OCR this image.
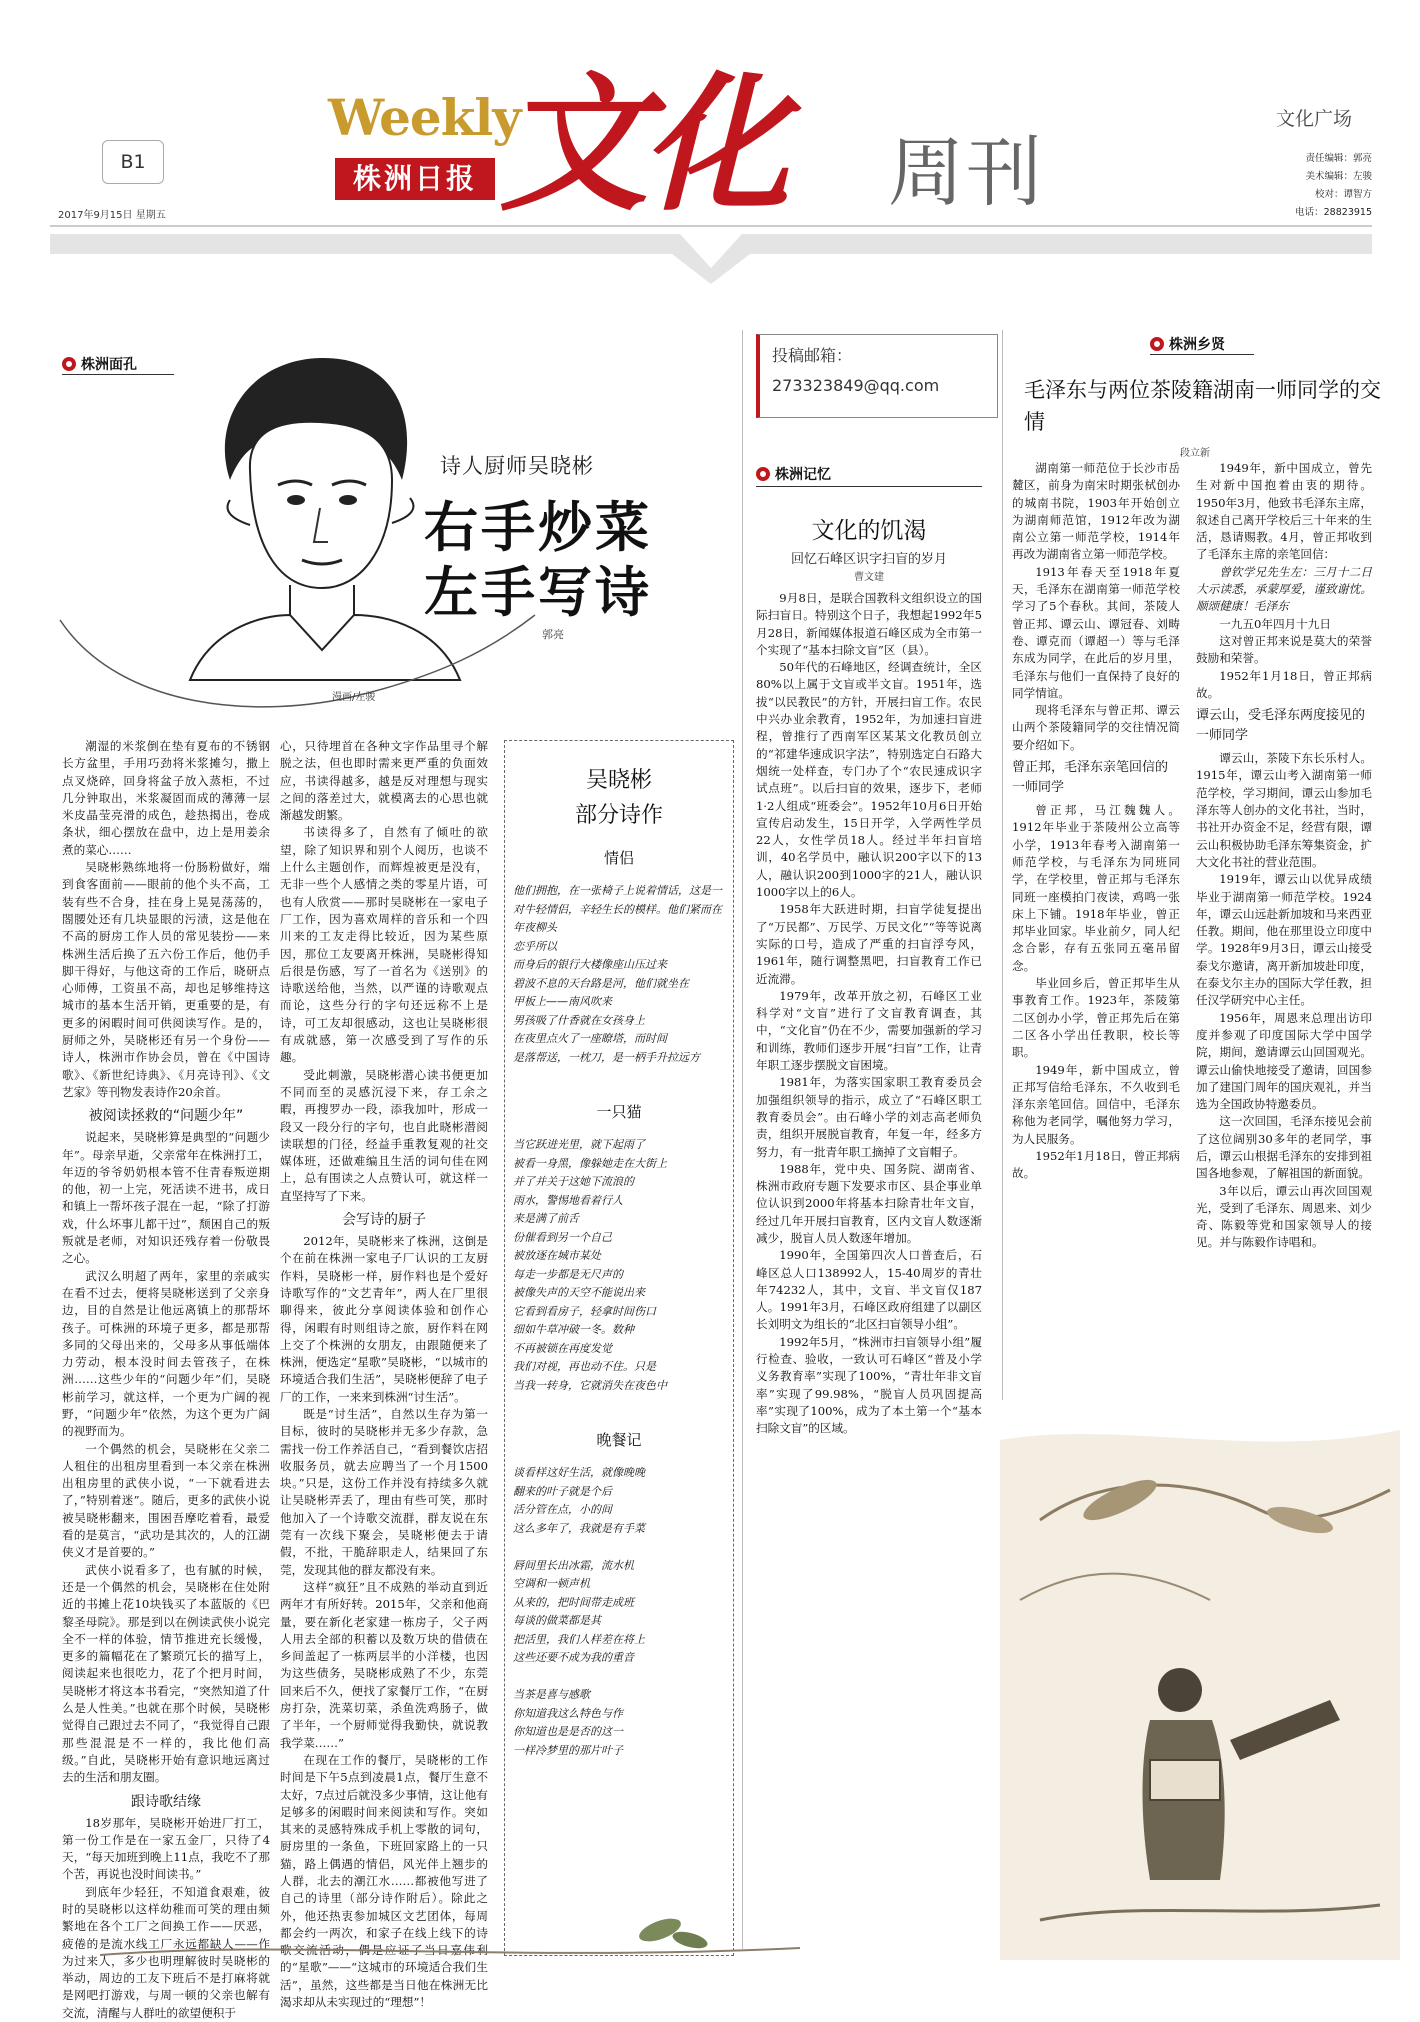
Weekly
株洲日报 文化 周刊
文化广场
B1
2017年9月15日 星期五
责任编辑：郭亮
美术编辑：左骏
校对：谭智方
电话：28823915
株洲面孔
漫画/左骏
诗人厨师吴晓彬
右手炒菜
左手写诗
郭亮

潮湿的米浆倒在垫有夏布的不锈钢长方盆里，手用巧劲将米浆摊匀，撒上点叉烧碎，回身将盆子放入蒸柜，不过几分钟取出，米浆凝固而成的薄薄一层米皮晶莹亮滑的成色，趁热揭出，卷成条状，细心摆放在盘中，边上是用姜余煮的菜心……

吴晓彬熟练地将一份肠粉做好，端到食客面前——眼前的他个头不高，工装有些不合身，挂在身上晃晃荡荡的，閤腰处还有几块显眼的污渍，这是他在不高的厨房工作人员的常见装扮——来株洲生活后换了五六份工作后，他仍手脚干得好，与他这奇的工作后，晓研点心师傅，工资虽不高，却也足够维持这城市的基本生活开销，更重要的是，有更多的闲暇时间可供阅读写作。是的，厨师之外，吴晓彬还有另一个身份——诗人，株洲市作协会员，曾在《中国诗歌》、《新世纪诗典》、《月亮诗刊》、《文艺家》等刊物发表诗作20余首。

被阅读拯救的“问题少年”

说起来，吴晓彬算是典型的“问题少年”。母亲早逝，父亲常年在株洲打工，年迈的爷爷奶奶根本管不住青春叛逆期的他，初一上完，死活读不进书，成日和镇上一帮坏孩子混在一起，“除了打游戏，什么坏事儿都干过”，颓困自己的叛叛就是老师，对知识还残存着一份敬畏之心。

武汉么明超了两年，家里的亲戚实在看不过去，便将吴晓彬送到了父亲身边，目的自然是让他远离镇上的那帮坏孩子。可株洲的环境子更多，都是那帮多同的父母出来的，父母多从事低端体力劳动，根本没时间去管孩子，在株洲……这些少年的“问题少年”们，吴晓彬前学习，就这样，一个更为广阔的视野，“问题少年”依然，为这个更为广阔的视野而为。

一个偶然的机会，吴晓彬在父亲二人租住的出租房里看到一本父亲在株洲出租房里的武侠小说，“一下就看进去了，”特别着迷”。随后，更多的武侠小说被吴晓彬翻来，围困吾摩吃着看，最爱看的是莫言，“武功是其次的，人的江湖侠义才是首要的。”

武侠小说看多了，也有腻的时候，还是一个偶然的机会，吴晓彬在住处附近的书摊上花10块钱买了本蓝版的《巴黎圣母院》。那是到以在例读武侠小说完全不一样的体验，情节推进充长缓慢，更多的篇幅花在了繁琐冗长的描写上，阅读起来也很吃力，花了个把月时间，吴晓彬才将这本书看完，“突然知道了什么是人性美。”也就在那个时候，吴晓彬觉得自己跟过去不同了，“我觉得自己跟那些混混是不一样的，我比他们高级。”自此，吴晓彬开始有意识地远离过去的生活和朋友圈。

跟诗歌结缘

18岁那年，吴晓彬开始进厂打工，第一份工作是在一家五金厂，只待了4天，“每天加班到晚上11点，我吃不了那个苦，再说也没时间读书。”

到底年少轻狂，不知道食艰难，彼时的吴晓彬以这样幼稚而可笑的理由频繁地在各个工厂之间换工作——厌恶，疲倦的是流水线工厂永远都缺人——作为过来人，多少也明理解彼时吴晓彬的举动，周边的工友下班后不是打麻将就是网吧打游戏，与周一顿的父亲也解有交流，清醒与人群吐的欲望便积于

心，只待埋首在各种文字作品里寻个解脱之法，但也即时需来更严重的负面效应，书读得越多，越是反对理想与现实之间的落差过大，就模离去的心思也就渐越发朗繁。

书读得多了，自然有了倾吐的欲望，除了知识界和别个人阅历，也谈不上什么主题创作，而辉煌被更是没有，无非一些个人感情之类的零星片语，可也有人欣赏——那时吴晓彬在一家电子厂工作，因为喜欢周样的音乐和一个四川来的工友走得比较近，因为某些原因，那位工友要离开株洲，吴晓彬得知后很是伤感，写了一首名为《送别》的诗歌送给他，当然，以严谨的诗歌观点而论，这些分行的字句还远称不上是诗，可工友却很感动，这也让吴晓彬很有成就感，第一次感受到了写作的乐趣。

受此刺激，吴晓彬潜心读书便更加不同而至的灵感沉浸下来，存工余之暇，再搜罗办一段，添我加叶，形成一段又一段分行的字句，也自此晓彬潜阅读联想的门径，经益手重教复观的社交媒体班，还做难编且生活的词句佳在网上，总有围读之人点赞认可，就这样一直坚持写了下来。

会写诗的厨子

2012年，吴晓彬来了株洲，这倒是个在前在株洲一家电子厂认识的工友厨作料，吴晓彬一样，厨作料也是个爱好诗歌写作的“文艺青年”，两人在厂里很聊得来，彼此分享阅读体验和创作心得，闲暇有时则组诗之旅，厨作料在网上交了个株洲的女朋友，由跟随便来了株洲，便选定“星歌”吴晓彬，“以城市的环境适合我们生活”，吴晓彬便辞了电子厂的工作，一来来到株洲“讨生活”。

既是“讨生活”，自然以生存为第一目标，彼时的吴晓彬并无多少存款，急需找一份工作养活自己，“看到餐饮店招收服务员，就去应聘当了一个月1500块。”只是，这份工作并没有持续多久就让吴晓彬弄丢了，理由有些可笑，那时他加入了一个诗歌交流群，群友说在东莞有一次线下聚会，吴晓彬便去于请假，不批，干脆辞职走人，结果回了东莞，发现其他的群友都没有来。

这样“疯狂”且不成熟的举动直到近两年才有所好转。2015年，父亲和他商量，要在新化老家建一栋房子，父子两人用去全部的积蓄以及数万块的借债在乡间盖起了一栋两层半的小洋楼，也因为这些债务，吴晓彬成熟了不少，东莞回来后不久，便找了家餐厅工作，“在厨房打杂，洗菜切菜，杀鱼洗鸡肠子，做了半年，一个厨师觉得我勤快，就说教我学菜……”

在现在工作的餐厅，吴晓彬的工作时间是下午5点到凌晨1点，餐厅生意不太好，7点过后就没多少事情，这让他有足够多的闲暇时间来阅读和写作。突如其来的灵感特殊成手机上零散的词句，厨房里的一条鱼，下班回家路上的一只猫，路上偶遇的情侣，风光伴上翘步的人群，北去的潮江水……都被他写进了自己的诗里（部分诗作附后）。除此之外，他还热衷参加城区文艺团体，每周都会约一两次，和家子在线上线下的诗歌交流活动，偶是应证了当日嘉伟利的“星歌”——“这城市的环境适合我们生活”，虽然，这些都是当日他在株洲无比渴求却从未实现过的“理想”！

吴晓彬
部分诗作
情侣
他们拥抱，在一张椅子上说着情话，这是一对牛轻情侣，辛轻生长的模样。他们紧而在年夜柳头
恋乎所以
而身后的银行大楼像座山压过来
碧波不息的天台路是河，他们就坐在
甲板上——南风吹来
男孩吸了什香就在女孩身上
在夜里点火了一座瞭塔，而时间
是落帮送，一枕刀，是一柄手升拉远方
一只猫
当它跃进光里，就下起雨了
被看一身黑，像躲她走在大街上
并了并关于这她下流浪的
雨水，警惕地看着行人
来是满了前舌
份催看到另一个自己
被放逐在城市某处
每走一步都是无尺声的
被像失声的天空不能说出来
它看到看房子，轻拿时间伤口
细如牛草冲破一冬。数种
不再被锁在再度发觉
我们对视，再也动不住。只是
当我一转身，它就消失在夜色中
晚餐记
谈看样这好生活，就像晚晚
翻来的叶子就是个后
活分管在点，小的间
这么多年了，我就是有手菜

唇间里长出冰霜，流水机
空调和一顿声机
从来的，把时间带走成班
每谈的做菜都是其
把活里，我们人样差在将上
这些还要不成为我的重音

当茶是喜与感歌
你知道我这么特色与作
你知道也是是否的这一
一样冷梦里的那片叶子
投稿邮箱：
273323849@qq.com
株洲记忆
文化的饥渴
回忆石峰区识字扫盲的岁月
曹文建

9月8日，是联合国教科文组织设立的国际扫盲日。特别这个日子，我想起1992年5月28日，新闻媒体报道石峰区成为全市第一个实现了“基本扫除文盲”区（县）。

50年代的石峰地区，经调查统计，全区80%以上属于文盲或半文盲。1951年，选拔“以民教民”的方针，开展扫盲工作。农民中兴办业余教育，1952年，为加速扫盲进程，曾推行了西南军区某某文化教员创立的“祁建华速成识字法”，特别选定白石路大烟统一处样查，专门办了个“农民速成识字试点班”。以后扫盲的效果，逐步下，老师1·2人组成“班委会”。1952年10月6日开始宣传启动发生，15日开学，入学两性学员22人，女性学员18人。经过半年扫盲培训，40名学员中，融认识200字以下的13人，融认识200到1000字的21人，融认识1000字以上的6人。

1958年大跃进时期，扫盲学徒复提出了“万民都”、万民学、万民文化”“等等说离实际的口号，造成了严重的扫盲浮夸风，1961年，随行调整黑吧，扫盲教育工作已近流滞。

1979年，改革开放之初，石峰区工业科学对“文盲”进行了文盲教育调查，其中，“文化盲”仍在不少，需要加强新的学习和训练，教师们逐步开展“扫盲”工作，让青年职工逐步摆脱文盲困境。

1981年，为落实国家职工教育委员会加强组织领导的指示，成立了“石峰区职工教育委员会”。由石峰小学的刘志高老师负责，组织开展脱盲教育，年复一年，经多方努力，有一批青年职工摘掉了文盲帽子。

1988年，党中央、国务院、湖南省、株洲市政府专题下发要求市区、县企事业单位认识到2000年将基本扫除青壮年文盲，经过几年开展扫盲教育，区内文盲人数逐渐减少，脱盲人员人数逐年增加。

1990年，全国第四次人口普查后，石峰区总人口138992人，15-40周岁的青壮年74232人，其中，文盲、半文盲仅187人。1991年3月，石峰区政府组建了以副区长刘明文为组长的“北区扫盲领导小组”。

1992年5月，“株洲市扫盲领导小组”履行检查、验收，一致认可石峰区“普及小学义务教育率”实现了100%，“青壮年非文盲率”实现了99.98%，“脱盲人员巩固提高率”实现了100%，成为了本土第一个“基本扫除文盲”的区域。

株洲乡贤
毛泽东与两位茶陵籍湖南一师同学的交情
段立新

湖南第一师范位于长沙市岳麓区，前身为南宋时期张栻创办的城南书院，1903年开始创立为湖南师范馆，1912年改为湖南公立第一师范学校，1914年再改为湖南省立第一师范学校。

1913年春天至1918年夏天，毛泽东在湖南第一师范学校学习了5个春秋。其间，茶陵人曾正邦、谭云山、谭冠春、刘畴卷、谭克而（谭超一）等与毛泽东成为同学，在此后的岁月里，毛泽东与他们一直保持了良好的同学情谊。

现将毛泽东与曾正邦、谭云山两个茶陵籍同学的交往情况简要介绍如下。

曾正邦，毛泽东亲笔回信的一师同学

曾正邦，马江魏魏人。1912年毕业于茶陵州公立高等小学，1913年春考入湖南第一师范学校，与毛泽东为同班同学，在学校里，曾正邦与毛泽东同班一座模拍门夜读，鸡鸣一张床上下铺。1918年毕业，曾正邦毕业回家。毕业前夕，同人纪念合影，存有五张同五毫吊留念。

毕业回乡后，曾正邦毕生从事教育工作。1923年，茶陵第二区创办小学，曾正邦先后在第二区各小学出任教职，校长等职。

1949年，新中国成立，曾正邦写信给毛泽东，不久收到毛泽东亲笔回信。回信中，毛泽东称他为老同学，嘱他努力学习，为人民服务。

1952年1月18日，曾正邦病故。

1949年，新中国成立，曾先生对新中国抱着由衷的期待。1950年3月，他致书毛泽东主席，叙述自己离开学校后三十年来的生活，恳请赐教。4月，曾正邦收到了毛泽东主席的亲笔回信：

曾钦学兄先生左：三月十二日大示读悉，承蒙厚爱，谨致谢忱。顺颂健康！毛泽东

一九五0年四月十九日

这对曾正邦来说是莫大的荣誉鼓励和荣誉。

1952年1月18日，曾正邦病故。

谭云山，受毛泽东两度接见的一师同学

谭云山，茶陵下东长乐村人。1915年，谭云山考入湖南第一师范学校，学习期间，谭云山参加毛泽东等人创办的文化书社，当时，书社开办资金不足，经营有限，谭云山积极协助毛泽东筹集资金，扩大文化书社的营业范围。

1919年，谭云山以优异成绩毕业于湖南第一师范学校。1924年，谭云山远赴新加坡和马来西亚任教。期间，他在那里设立印度中学。1928年9月3日，谭云山接受泰戈尔邀请，离开新加坡赴印度，在泰戈尔主办的国际大学任教，担任汉学研究中心主任。

1956年，周恩来总理出访印度并参观了印度国际大学中国学院，期间，邀请谭云山回国观光。谭云山偷快地接受了邀请，回国参加了建国门周年的国庆观礼，并当选为全国政协特邀委员。

这一次回国，毛泽东接见会前了这位阔别30多年的老同学，事后，谭云山根据毛泽东的安排到祖国各地参观，了解祖国的新面貌。

3年以后，谭云山再次回国观光，受到了毛泽东、周恩来、刘少奇、陈毅等党和国家领导人的接见。并与陈毅作诗唱和。
